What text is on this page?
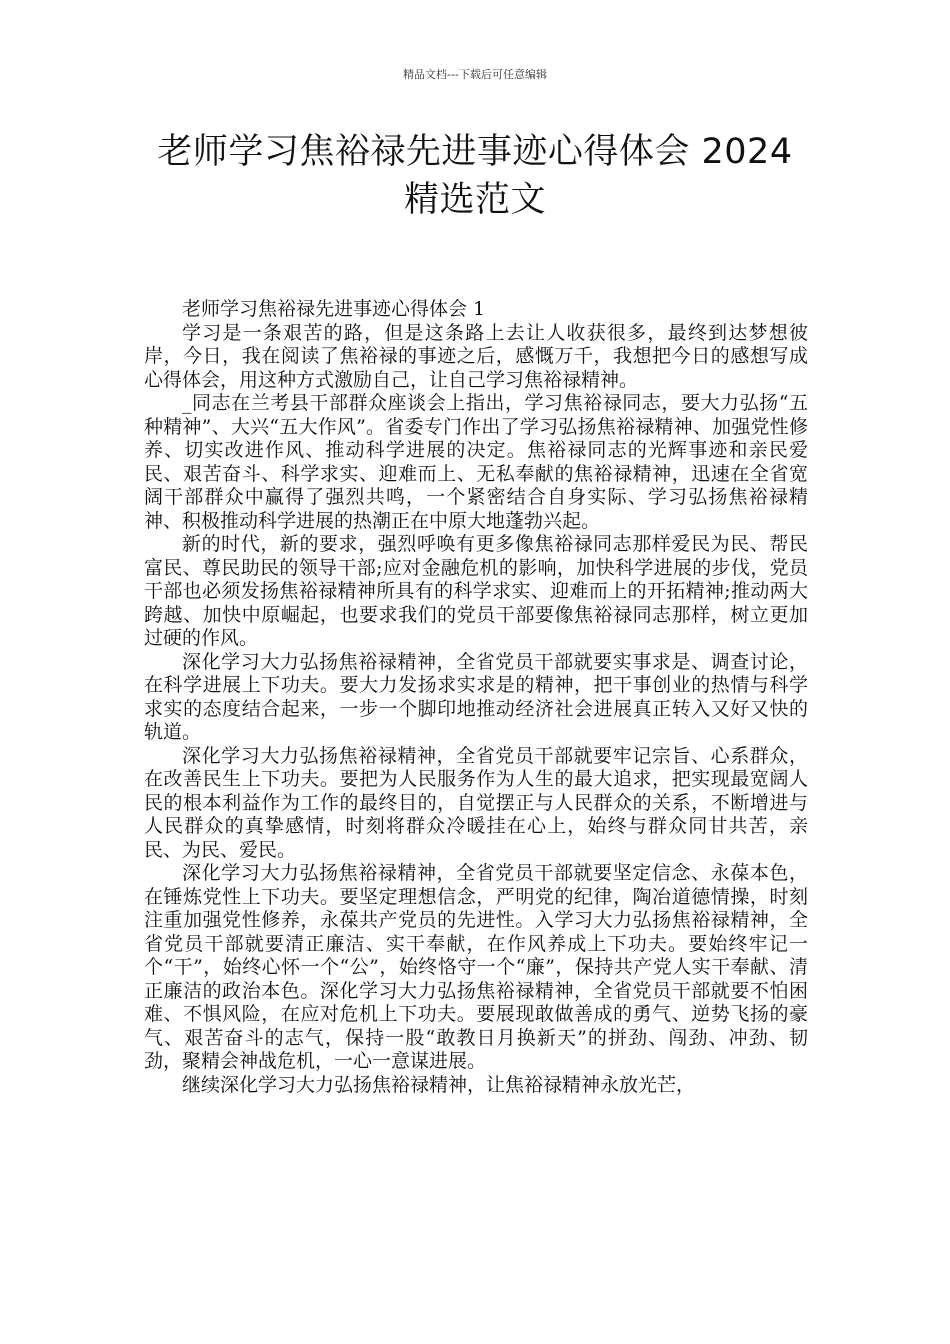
精品文档---下载后可任意编辑
老师学习焦裕禄先进事迹心得体会 2024
精选范文

老师学习焦裕禄先进事迹心得体会 1

学习是一条艰苦的路，但是这条路上去让人收获很多，最终到达梦想彼岸，今日，我在阅读了焦裕禄的事迹之后，感慨万千，我想把今日的感想写成心得体会，用这种方式激励自己，让自己学习焦裕禄精神。

_同志在兰考县干部群众座谈会上指出，学习焦裕禄同志，要大力弘扬“五种精神”、大兴“五大作风”。省委专门作出了学习弘扬焦裕禄精神、加强党性修养、切实改进作风、推动科学进展的决定。焦裕禄同志的光辉事迹和亲民爱民、艰苦奋斗、科学求实、迎难而上、无私奉献的焦裕禄精神，迅速在全省宽阔干部群众中赢得了强烈共鸣，一个紧密结合自身实际、学习弘扬焦裕禄精神、积极推动科学进展的热潮正在中原大地蓬勃兴起。

新的时代，新的要求，强烈呼唤有更多像焦裕禄同志那样爱民为民、帮民富民、尊民助民的领导干部;应对金融危机的影响，加快科学进展的步伐，党员干部也必须发扬焦裕禄精神所具有的科学求实、迎难而上的开拓精神;推动两大跨越、加快中原崛起，也要求我们的党员干部要像焦裕禄同志那样，树立更加过硬的作风。

深化学习大力弘扬焦裕禄精神，全省党员干部就要实事求是、调查讨论，在科学进展上下功夫。要大力发扬求实求是的精神，把干事创业的热情与科学求实的态度结合起来，一步一个脚印地推动经济社会进展真正转入又好又快的轨道。

深化学习大力弘扬焦裕禄精神，全省党员干部就要牢记宗旨、心系群众，在改善民生上下功夫。要把为人民服务作为人生的最大追求，把实现最宽阔人民的根本利益作为工作的最终目的，自觉摆正与人民群众的关系，不断增进与人民群众的真挚感情，时刻将群众冷暖挂在心上，始终与群众同甘共苦，亲民、为民、爱民。

深化学习大力弘扬焦裕禄精神，全省党员干部就要坚定信念、永葆本色，在锤炼党性上下功夫。要坚定理想信念，严明党的纪律，陶冶道德情操，时刻注重加强党性修养，永葆共产党员的先进性。入学习大力弘扬焦裕禄精神，全省党员干部就要清正廉洁、实干奉献，在作风养成上下功夫。要始终牢记一个“干”，始终心怀一个“公”，始终恪守一个“廉”，保持共产党人实干奉献、清正廉洁的政治本色。深化学习大力弘扬焦裕禄精神，全省党员干部就要不怕困难、不惧风险，在应对危机上下功夫。要展现敢做善成的勇气、逆势飞扬的豪气、艰苦奋斗的志气，保持一股“敢教日月换新天”的拼劲、闯劲、冲劲、韧劲，聚精会神战危机，一心一意谋进展。

继续深化学习大力弘扬焦裕禄精神，让焦裕禄精神永放光芒，
